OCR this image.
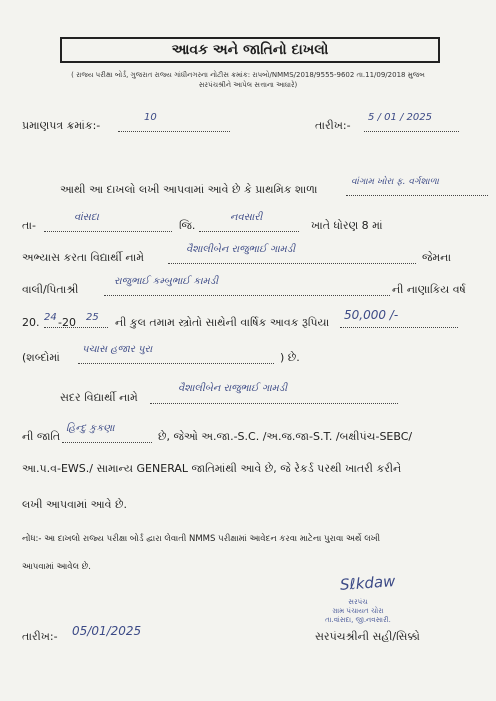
આવક અને જાતિનો દાખલો
( રાજ્ય પરીક્ષા બોર્ડ, ગુજરાત રાજ્ય ગાંધીનગરના નોટીસ ક્રમાંક: રાપબો/NMMS/2018/9555-9602 તા.11/09/2018 મુજબ
સરપંચશ્રીને આપેલ સત્તાના આધારે)
પ્રમાણપત્ર ક્રમાંક:-
10
તારીખ:-
5 / 01 / 2025
આથી આ દાખલો લખી આપવામાં આવે છે કે પ્રાથમિક શાળા
વાંગામ ખોરા ફ. વર્ગશાળા
તા-
વાંસદા
જિ.
નવસારી
ખાતે ધોરણ 8 માં
અભ્યાસ કરતા વિદ્યાર્થી નામે
વૈશાલીબેન રાજુભાઈ ગામડી
જેમના
વાલી/પિતાશ્રી
રાજુભાઈ કમ્બુભાઈ કામડી
ની નાણાકિય વર્ષ
20. 24 -20 25 ની કુલ તમામ સ્ત્રોતો સાથેની વાર્ષિક આવક રૂપિયા
50,000 /-
(શબ્દોમાં
પચાસ હજાર પુરા
) છે.
સદર વિદ્યાર્થી નામે
વૈશાલીબેન રાજુભાઈ ગામડી
ની જાતિ
હિન્દુ કુકણા
છે, જેઓ અ.જા.-S.C. /અ.જ.જા-S.T. /બક્ષીપંચ-SEBC/
આ.પ.વ-EWS./ સામાન્ય GENERAL જાતિમાંથી આવે છે, જે રેકર્ડ પરથી ખાતરી કરીને
લખી આપવામાં આવે છે.
નોંધ:- આ દાખલો રાજ્ય પરીક્ષા બોર્ડ દ્વારા લેવાતી NMMS પરીક્ષામાં આવેદન કરવા માટેના પુરાવા અર્થે લખી
આપવામાં આવેલ છે.
Sℓkdaw
સરપંચ
ગ્રામ પંચાયત ચોરા
તા.વાંસદા, જી.નવસારી.
તારીખ:- 05/01/2025	સરપંચશ્રીની સહી/સિક્કો
